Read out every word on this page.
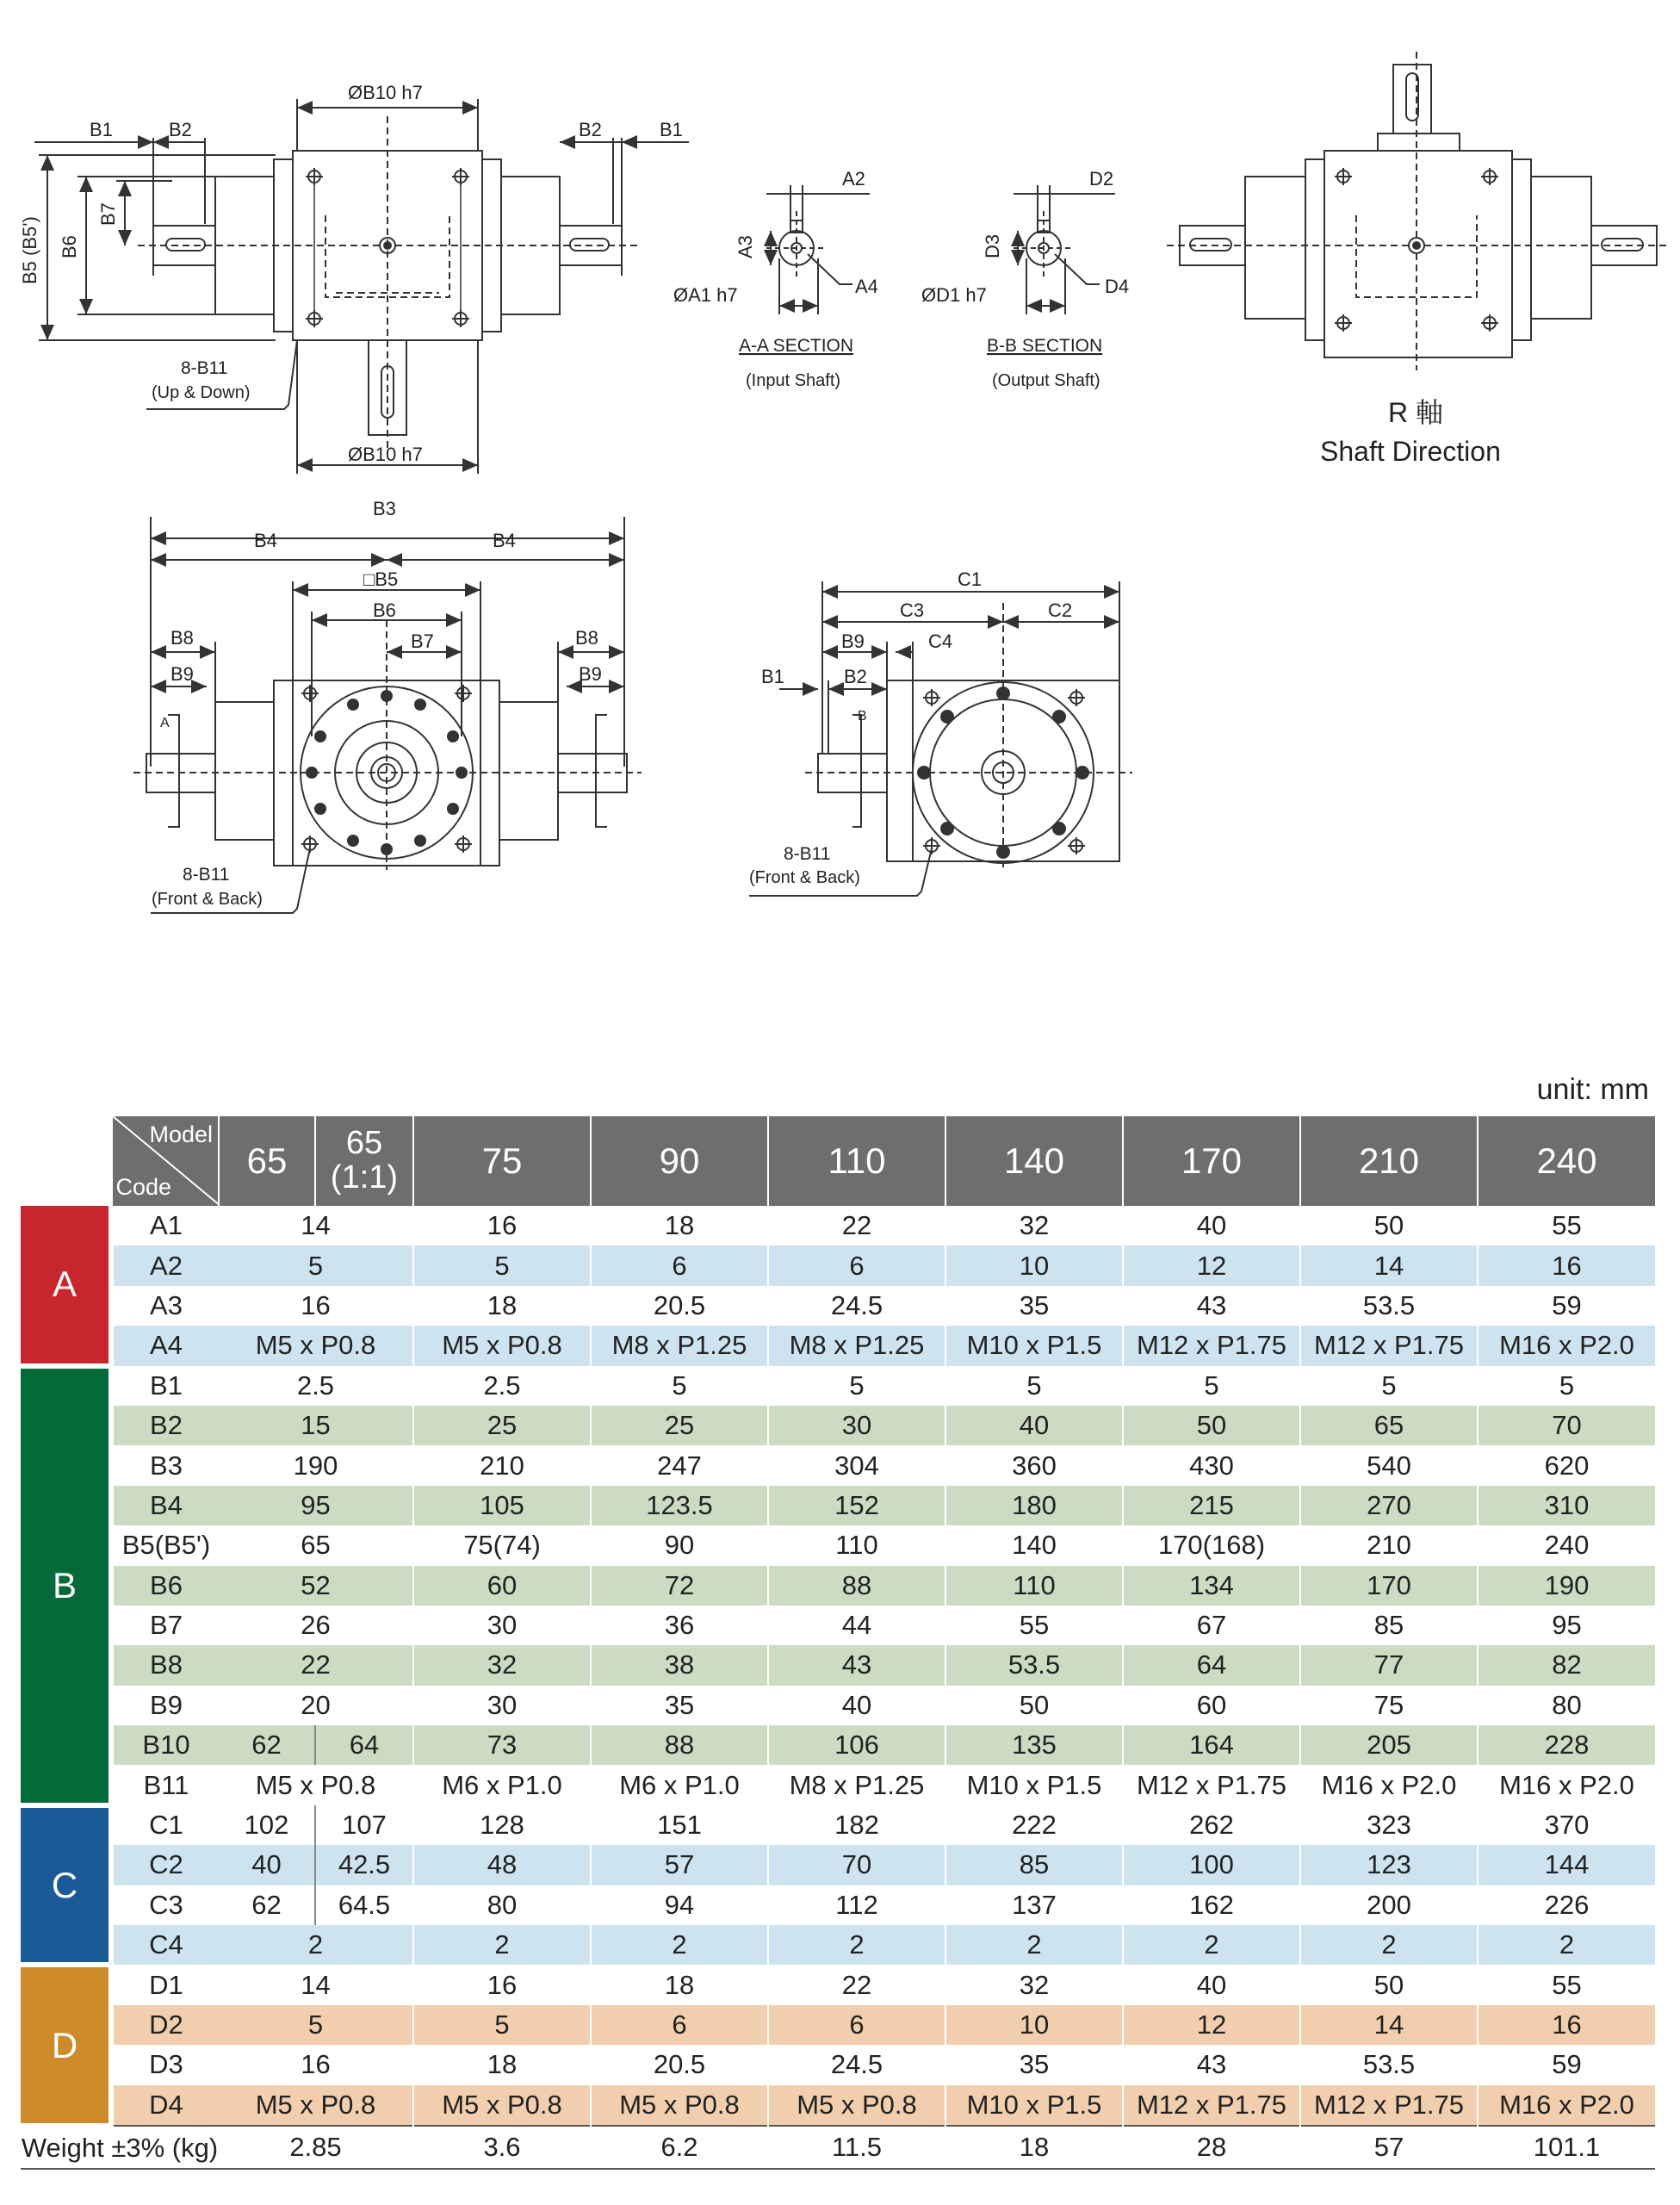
B1	B2	B2	B1
B5 (B5') B6
B7
ØB10 h7
ØB10 h7
8-B11
(Up & Down)
A2
A3
A4
ØA1 h7
A-A SECTION
(Input Shaft)
D2
D3
D4
ØD1 h7
B-B SECTION
(Output Shaft)
R 軸
Shaft Direction
B3
B4	B4
□B5
B6
B7
B8
B9
B8
B9
A
8-B11
(Front & Back)
C1
C3	C2
B9	C4
B1	B2
B
8-B11
(Front & Back)
unit: mm

	Model
Code	65	65 (1:1)	75	90	110	140	170	210	240
A	A1	14		16	18	22	32	40	50	55
	A2	5		5	6	6	10	12	14	16
	A3	16		18	20.5	24.5	35	43	53.5	59
	A4	M5 x P0.8		M5 x P0.8	M8 x P1.25	M8 x P1.25	M10 x P1.5	M12 x P1.75	M12 x P1.75	M16 x P2.0
B	B1	2.5		2.5	5	5	5	5	5	5
	B2	15		25	25	30	40	50	65	70
	B3	190		210	247	304	360	430	540	620
	B4	95		105	123.5	152	180	215	270	310
	B5(B5')	65		75(74)	90	110	140	170(168)	210	240
	B6	52		60	72	88	110	134	170	190
	B7	26		30	36	44	55	67	85	95
	B8	22		32	38	43	53.5	64	77	82
	B9	20		30	35	40	50	60	75	80
	B10	62	64	73	88	106	135	164	205	228
	B11	M5 x P0.8		M6 x P1.0	M6 x P1.0	M8 x P1.25	M10 x P1.5	M12 x P1.75	M16 x P2.0	M16 x P2.0
C	C1	102	107	128	151	182	222	262	323	370
	C2	40	42.5	48	57	70	85	100	123	144
	C3	62	64.5	80	94	112	137	162	200	226
	C4	2		2	2	2	2	2	2	2
D	D1	14		16	18	22	32	40	50	55
	D2	5		5	6	6	10	12	14	16
	D3	16		18	20.5	24.5	35	43	53.5	59
	D4	M5 x P0.8		M5 x P0.8	M5 x P0.8	M5 x P0.8	M10 x P1.5	M12 x P1.75	M12 x P1.75	M16 x P2.0
Weight ±3% (kg)		2.85		3.6	6.2	11.5	18	28	57	101.1
